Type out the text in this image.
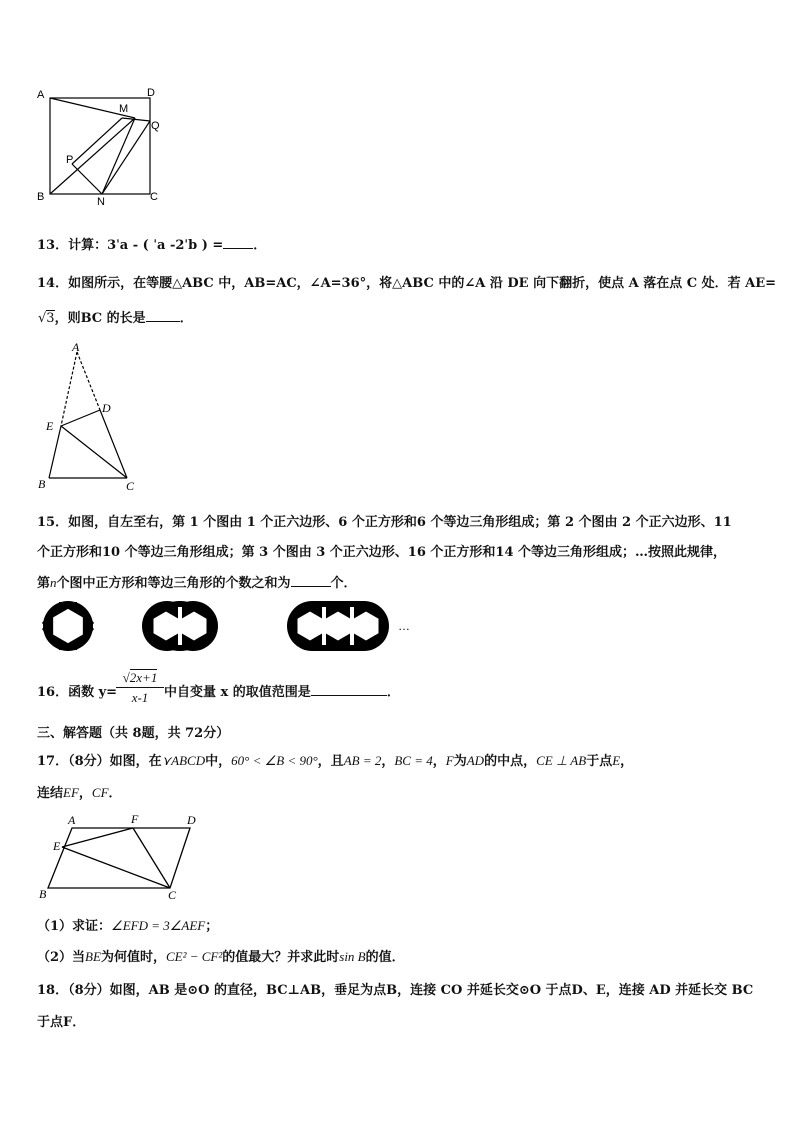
A	D
M
Q
P
B	N	C
13．计算：3ˈa - ( ˈa -2ˈb ) = ．
14．如图所示，在等腰△ABC 中，AB=AC，∠A=36°，将△ABC 中的∠A 沿 DE 向下翻折，使点 A 落在点 C 处．若 AE=
√3，则BC 的长是	．
A
D
E
B	C
15．如图，自左至右，第 1 个图由 1 个正六边形、6 个正方形和6 个等边三角形组成；第 2 个图由 2 个正六边形、11
个正方形和10 个等边三角形组成；第 3 个图由 3 个正六边形、16 个正方形和14 个等边三角形组成；…按照此规律，
第n个图中正方形和等边三角形的个数之和为	个．
…
16．函数 y=
√2x+1
x-1	中自变量 x 的取值范围是	．
三、解答题（共 8题，共 72分）
17．（8分）如图，在⋎ABCD中，60° < ∠B < 90°，且AB = 2，BC = 4，F为AD的中点，CE ⊥ AB于点E，
连结EF，CF．
A	F	D
E
B	C
（1）求证：∠EFD = 3∠AEF；
（2）当BE为何值时，CE² − CF²的值最大？并求此时sin B的值．
18．（8分）如图，AB 是⊙O 的直径，BC⊥AB，垂足为点B，连接 CO 并延长交⊙O 于点D、E，连接 AD 并延长交 BC
于点F．
